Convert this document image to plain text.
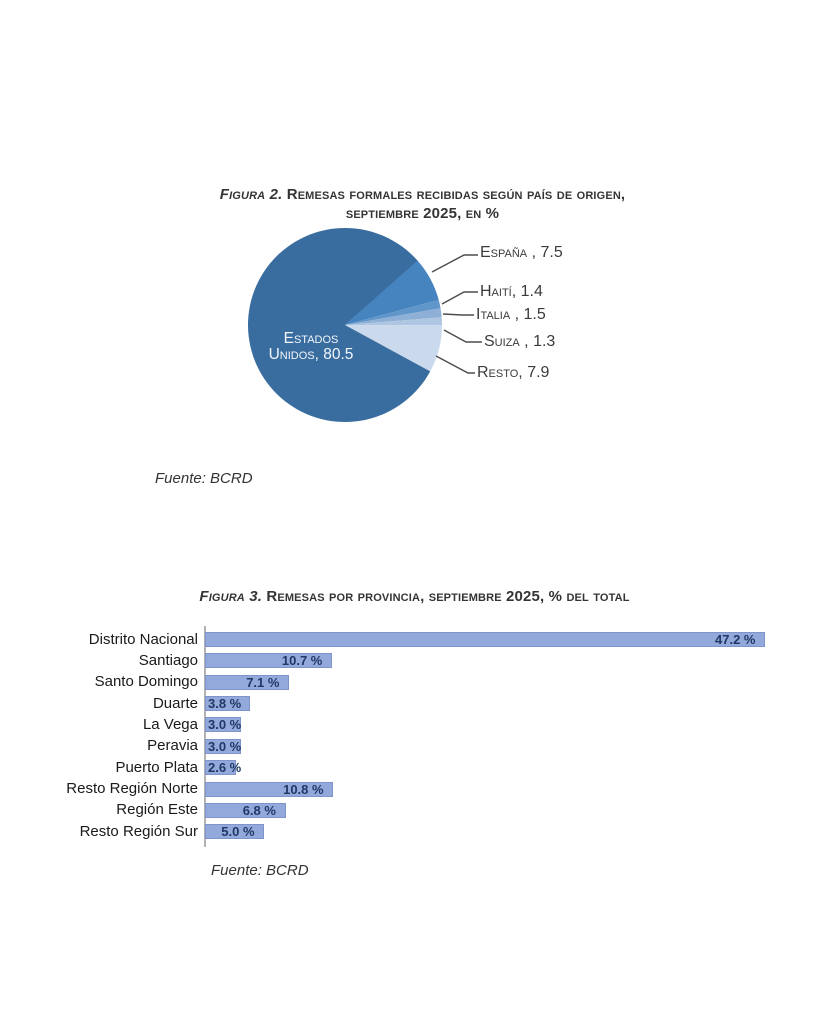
Figura 2. Remesas formales recibidas según país de origen,
septiembre 2025, en %
Estados
Unidos, 80.5
España , 7.5
Haití, 1.4
Italia , 1.5
Suiza , 1.3
Resto, 7.9
Fuente: BCRD
Figura 3. Remesas por provincia, septiembre 2025, % del total
Distrito Nacional	47.2 %
Santiago	10.7 %
Santo Domingo	7.1 %
Duarte 3.8 %
La Vega 3.0 %
Peravia 3.0 %
Puerto Plata 2.6 %
Resto Región Norte	10.8 %
Región Este	6.8 %
Resto Región Sur 5.0 %
Fuente: BCRD
